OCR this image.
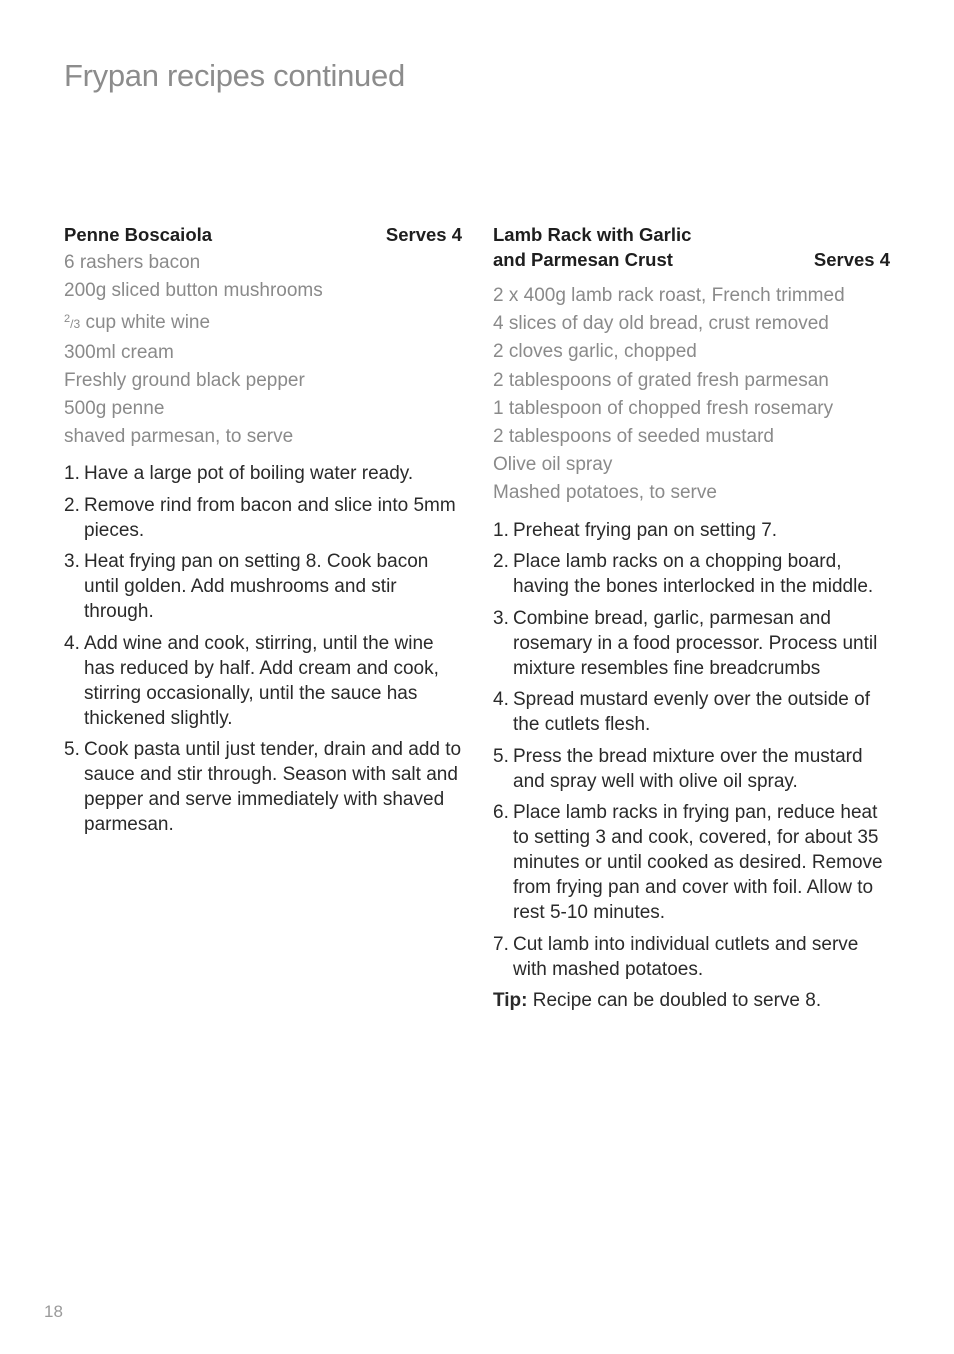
Frypan recipes continued
Penne Boscaiola	Serves 4
6 rashers bacon
200g sliced button mushrooms
$^2$/3 cup white wine
300ml cream
Freshly ground black pepper
500g penne
shaved parmesan, to serve
1. Have a large pot of boiling water ready.
2. Remove rind from bacon and slice into 5mm pieces.
3. Heat frying pan on setting 8. Cook bacon until golden. Add mushrooms and stir through.
4. Add wine and cook, stirring, until the wine has reduced by half. Add cream and cook, stirring occasionally, until the sauce has thickened slightly.
5. Cook pasta until just tender, drain and add to sauce and stir through. Season with salt and pepper and serve immediately with shaved parmesan.
Lamb Rack with Garlic
and Parmesan Crust	Serves 4
2 x 400g lamb rack roast, French trimmed
4 slices of day old bread, crust removed
2 cloves garlic, chopped
2 tablespoons of grated fresh parmesan
1 tablespoon of chopped fresh rosemary
2 tablespoons of seeded mustard
Olive oil spray
Mashed potatoes, to serve
1. Preheat frying pan on setting 7.
2. Place lamb racks on a chopping board, having the bones interlocked in the middle.
3. Combine bread, garlic, parmesan and rosemary in a food processor. Process until mixture resembles fine breadcrumbs
4. Spread mustard evenly over the outside of the cutlets flesh.
5. Press the bread mixture over the mustard and spray well with olive oil spray.
6. Place lamb racks in frying pan, reduce heat to setting 3 and cook, covered, for about 35 minutes or until cooked as desired. Remove from frying pan and cover with foil. Allow to rest 5-10 minutes.
7. Cut lamb into individual cutlets and serve with mashed potatoes.

Tip: Recipe can be doubled to serve 8.

18
